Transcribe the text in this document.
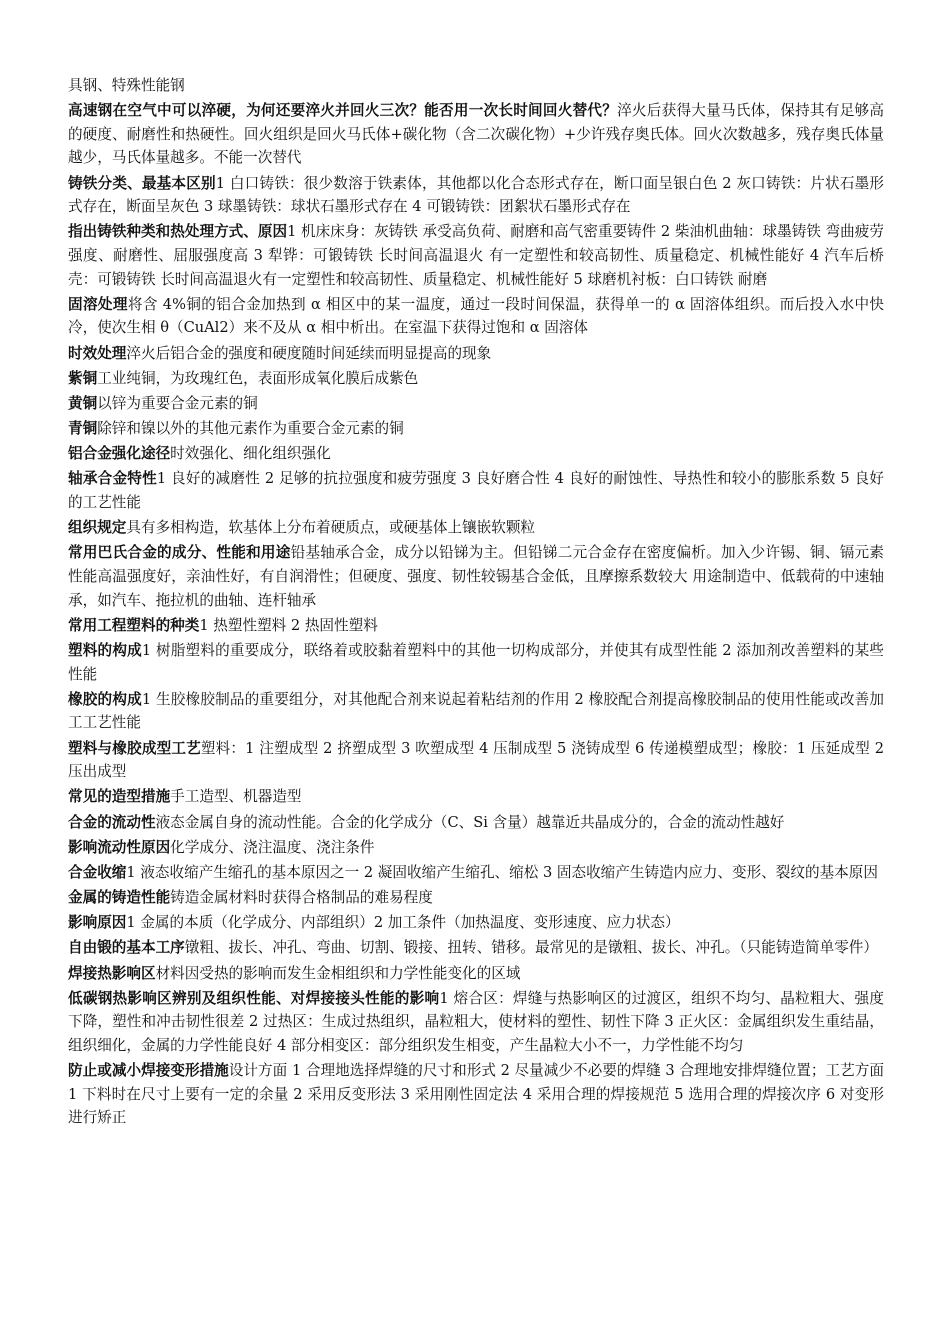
具钢、特殊性能钢

高速钢在空气中可以淬硬，为何还要淬火并回火三次？能否用一次长时间回火替代？淬火后获得大量马氏体，保持其有足够高的硬度、耐磨性和热硬性。回火组织是回火马氏体+碳化物（含二次碳化物）+少许残存奥氏体。回火次数越多，残存奥氏体量越少，马氏体量越多。不能一次替代

铸铁分类、最基本区别1 白口铸铁：很少数溶于铁素体，其他都以化合态形式存在，断口面呈银白色 2 灰口铸铁：片状石墨形式存在，断面呈灰色 3 球墨铸铁：球状石墨形式存在 4 可锻铸铁：团絮状石墨形式存在

指出铸铁种类和热处理方式、原因1 机床床身：灰铸铁 承受高负荷、耐磨和高气密重要铸件 2 柴油机曲轴：球墨铸铁 弯曲疲劳强度、耐磨性、屈服强度高 3 犁铧：可锻铸铁 长时间高温退火 有一定塑性和较高韧性、质量稳定、机械性能好 4 汽车后桥壳：可锻铸铁 长时间高温退火有一定塑性和较高韧性、质量稳定、机械性能好 5 球磨机衬板：白口铸铁 耐磨

固溶处理将含 4%铜的铝合金加热到 α 相区中的某一温度，通过一段时间保温，获得单一的 α 固溶体组织。而后投入水中快冷，使次生相 θ（CuAl2）来不及从 α 相中析出。在室温下获得过饱和 α 固溶体

时效处理淬火后铝合金的强度和硬度随时间延续而明显提高的现象

紫铜工业纯铜，为玫瑰红色，表面形成氧化膜后成紫色

黄铜以锌为重要合金元素的铜

青铜除锌和镍以外的其他元素作为重要合金元素的铜

铝合金强化途径时效强化、细化组织强化

轴承合金特性1 良好的减磨性 2 足够的抗拉强度和疲劳强度 3 良好磨合性 4 良好的耐蚀性、导热性和较小的膨胀系数 5 良好的工艺性能

组织规定具有多相构造，软基体上分布着硬质点，或硬基体上镶嵌软颗粒

常用巴氏合金的成分、性能和用途铅基轴承合金，成分以铅锑为主。但铅锑二元合金存在密度偏析。加入少许锡、铜、镉元素 性能高温强度好，亲油性好，有自润滑性；但硬度、强度、韧性较锡基合金低，且摩擦系数较大 用途制造中、低载荷的中速轴承，如汽车、拖拉机的曲轴、连杆轴承

常用工程塑料的种类1 热塑性塑料 2 热固性塑料

塑料的构成1 树脂塑料的重要成分，联络着或胶黏着塑料中的其他一切构成部分，并使其有成型性能 2 添加剂改善塑料的某些性能

橡胶的构成1 生胶橡胶制品的重要组分，对其他配合剂来说起着粘结剂的作用 2 橡胶配合剂提高橡胶制品的使用性能或改善加工工艺性能

塑料与橡胶成型工艺塑料：1 注塑成型 2 挤塑成型 3 吹塑成型 4 压制成型 5 浇铸成型 6 传递模塑成型；橡胶：1 压延成型 2 压出成型

常见的造型措施手工造型、机器造型

合金的流动性液态金属自身的流动性能。合金的化学成分（C、Si 含量）越靠近共晶成分的，合金的流动性越好

影响流动性原因化学成分、浇注温度、浇注条件

合金收缩1 液态收缩产生缩孔的基本原因之一 2 凝固收缩产生缩孔、缩松 3 固态收缩产生铸造内应力、变形、裂纹的基本原因

金属的铸造性能铸造金属材料时获得合格制品的难易程度

影响原因1 金属的本质（化学成分、内部组织）2 加工条件（加热温度、变形速度、应力状态）

自由锻的基本工序镦粗、拔长、冲孔、弯曲、切割、锻接、扭转、错移。最常见的是镦粗、拔长、冲孔。（只能铸造简单零件）

焊接热影响区材料因受热的影响而发生金相组织和力学性能变化的区域

低碳钢热影响区辨别及组织性能、对焊接接头性能的影响1 熔合区：焊缝与热影响区的过渡区，组织不均匀、晶粒粗大、强度下降，塑性和冲击韧性很差 2 过热区：生成过热组织，晶粒粗大，使材料的塑性、韧性下降 3 正火区：金属组织发生重结晶，组织细化，金属的力学性能良好 4 部分相变区：部分组织发生相变，产生晶粒大小不一，力学性能不均匀

防止或减小焊接变形措施设计方面 1 合理地选择焊缝的尺寸和形式 2 尽量减少不必要的焊缝 3 合理地安排焊缝位置；工艺方面 1 下料时在尺寸上要有一定的余量 2 采用反变形法 3 采用刚性固定法 4 采用合理的焊接规范 5 选用合理的焊接次序 6 对变形进行矫正
